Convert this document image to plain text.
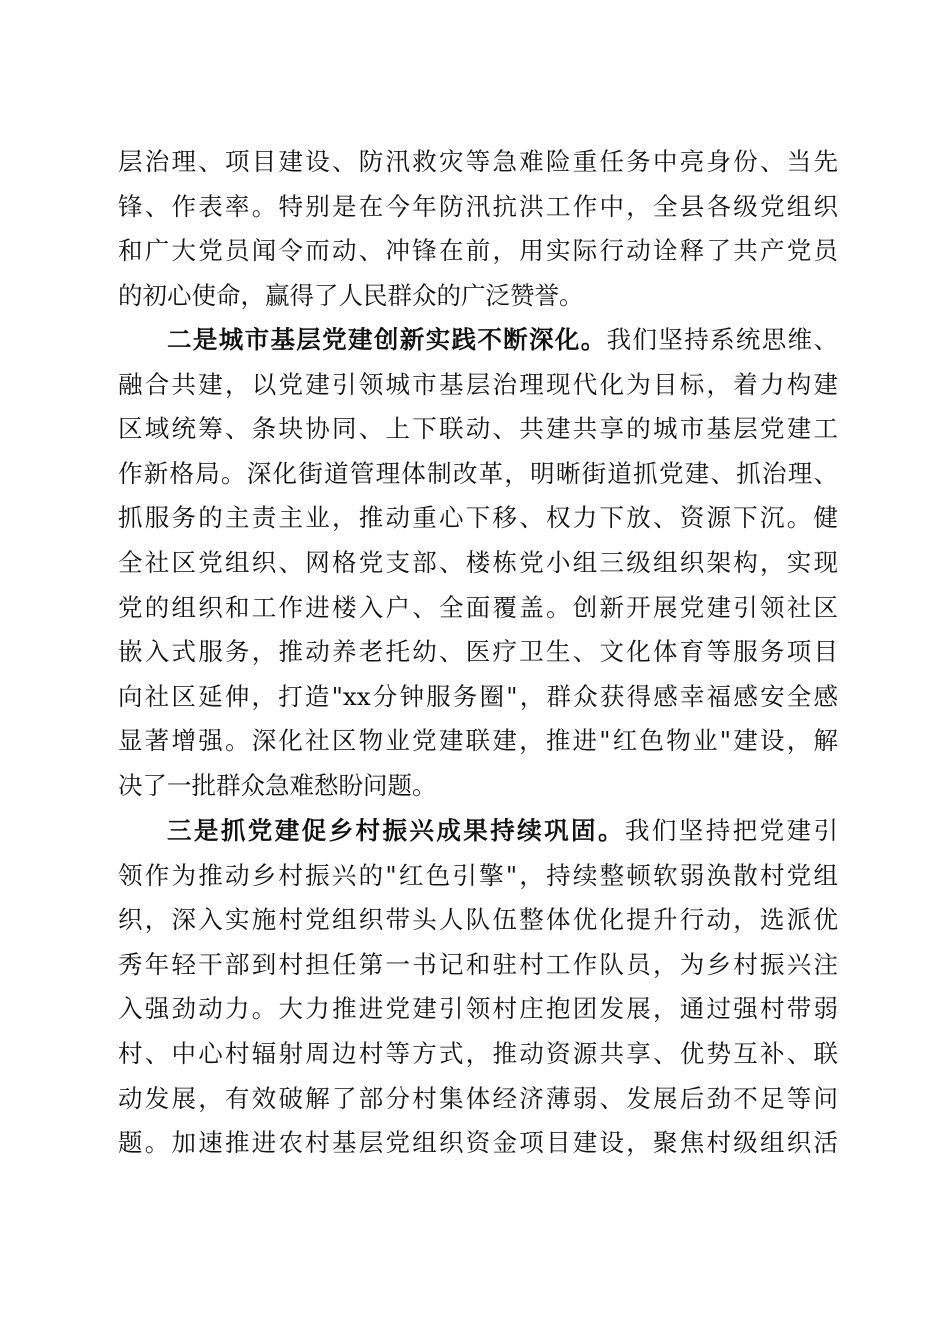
层治理、项目建设、防汛救灾等急难险重任务中亮身份、当先
锋、作表率。特别是在今年防汛抗洪工作中，全县各级党组织
和广大党员闻令而动、冲锋在前，用实际行动诠释了共产党员
的初心使命，赢得了人民群众的广泛赞誉。
二是城市基层党建创新实践不断深化。我们坚持系统思维、
融合共建，以党建引领城市基层治理现代化为目标，着力构建
区域统筹、条块协同、上下联动、共建共享的城市基层党建工
作新格局。深化街道管理体制改革，明晰街道抓党建、抓治理、
抓服务的主责主业，推动重心下移、权力下放、资源下沉。健
全社区党组织、网格党支部、楼栋党小组三级组织架构，实现
党的组织和工作进楼入户、全面覆盖。创新开展党建引领社区
嵌入式服务，推动养老托幼、医疗卫生、文化体育等服务项目
向社区延伸，打造"xx分钟服务圈"，群众获得感幸福感安全感
显著增强。深化社区物业党建联建，推进"红色物业"建设，解
决了一批群众急难愁盼问题。
三是抓党建促乡村振兴成果持续巩固。我们坚持把党建引
领作为推动乡村振兴的"红色引擎"，持续整顿软弱涣散村党组
织，深入实施村党组织带头人队伍整体优化提升行动，选派优
秀年轻干部到村担任第一书记和驻村工作队员，为乡村振兴注
入强劲动力。大力推进党建引领村庄抱团发展，通过强村带弱
村、中心村辐射周边村等方式，推动资源共享、优势互补、联
动发展，有效破解了部分村集体经济薄弱、发展后劲不足等问
题。加速推进农村基层党组织资金项目建设，聚焦村级组织活
